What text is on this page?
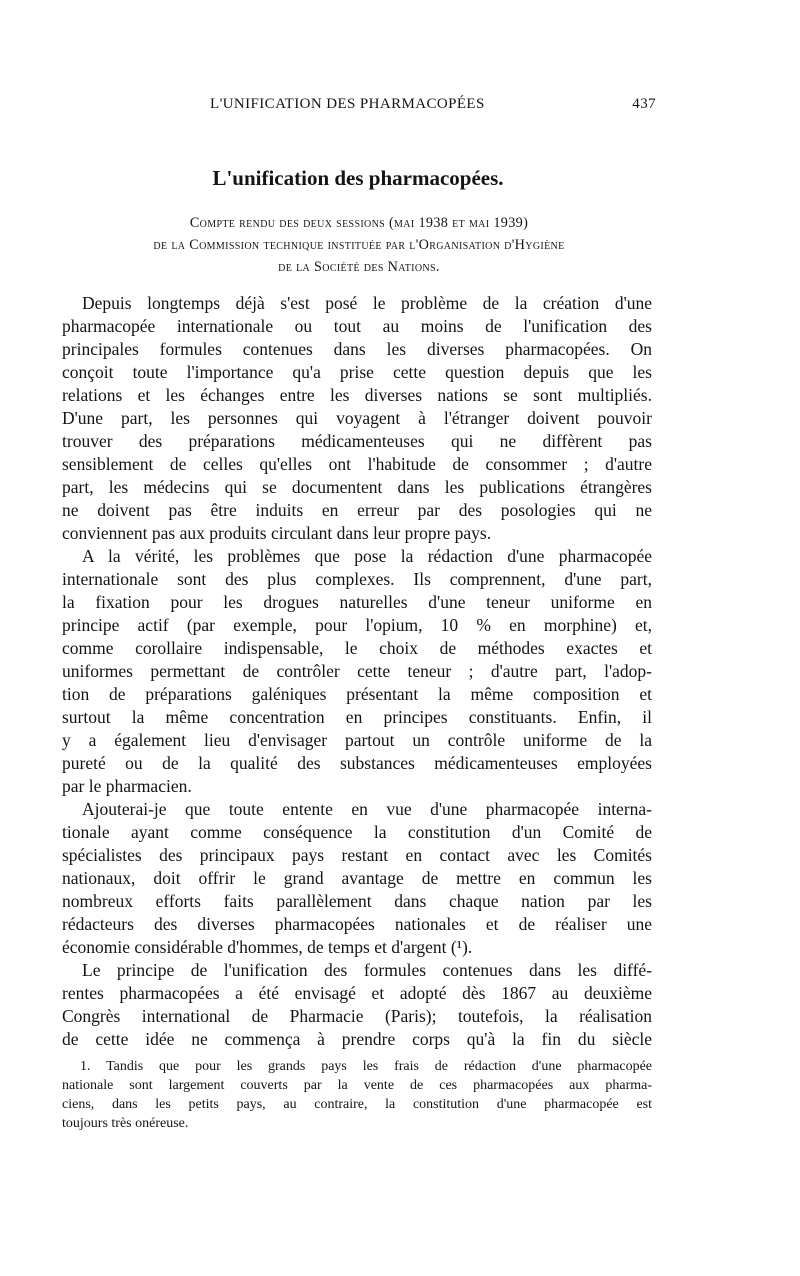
L'UNIFICATION DES PHARMACOPÉES	437
L'unification des pharmacopées.
Compte rendu des deux sessions (mai 1938 et mai 1939)
de la Commission technique instituée par l'Organisation d'Hygiène
de la Société des Nations.
Depuis longtemps déjà s'est posé le problème de la création d'une
pharmacopée internationale ou tout au moins de l'unification des
principales formules contenues dans les diverses pharmacopées. On
conçoit toute l'importance qu'a prise cette question depuis que les
relations et les échanges entre les diverses nations se sont multipliés.
D'une part, les personnes qui voyagent à l'étranger doivent pouvoir
trouver des préparations médicamenteuses qui ne diffèrent pas
sensiblement de celles qu'elles ont l'habitude de consommer ; d'autre
part, les médecins qui se documentent dans les publications étrangères
ne doivent pas être induits en erreur par des posologies qui ne
conviennent pas aux produits circulant dans leur propre pays.
A la vérité, les problèmes que pose la rédaction d'une pharmacopée
internationale sont des plus complexes. Ils comprennent, d'une part,
la fixation pour les drogues naturelles d'une teneur uniforme en
principe actif (par exemple, pour l'opium, 10 % en morphine) et,
comme corollaire indispensable, le choix de méthodes exactes et
uniformes permettant de contrôler cette teneur ; d'autre part, l'adop-
tion de préparations galéniques présentant la même composition et
surtout la même concentration en principes constituants. Enfin, il
y a également lieu d'envisager partout un contrôle uniforme de la
pureté ou de la qualité des substances médicamenteuses employées
par le pharmacien.
Ajouterai-je que toute entente en vue d'une pharmacopée interna-
tionale ayant comme conséquence la constitution d'un Comité de
spécialistes des principaux pays restant en contact avec les Comités
nationaux, doit offrir le grand avantage de mettre en commun les
nombreux efforts faits parallèlement dans chaque nation par les
rédacteurs des diverses pharmacopées nationales et de réaliser une
économie considérable d'hommes, de temps et d'argent (¹).
Le principe de l'unification des formules contenues dans les diffé-
rentes pharmacopées a été envisagé et adopté dès 1867 au deuxième
Congrès international de Pharmacie (Paris); toutefois, la réalisation
de cette idée ne commença à prendre corps qu'à la fin du siècle
1. Tandis que pour les grands pays les frais de rédaction d'une pharmacopée
nationale sont largement couverts par la vente de ces pharmacopées aux pharma-
ciens, dans les petits pays, au contraire, la constitution d'une pharmacopée est
toujours très onéreuse.
